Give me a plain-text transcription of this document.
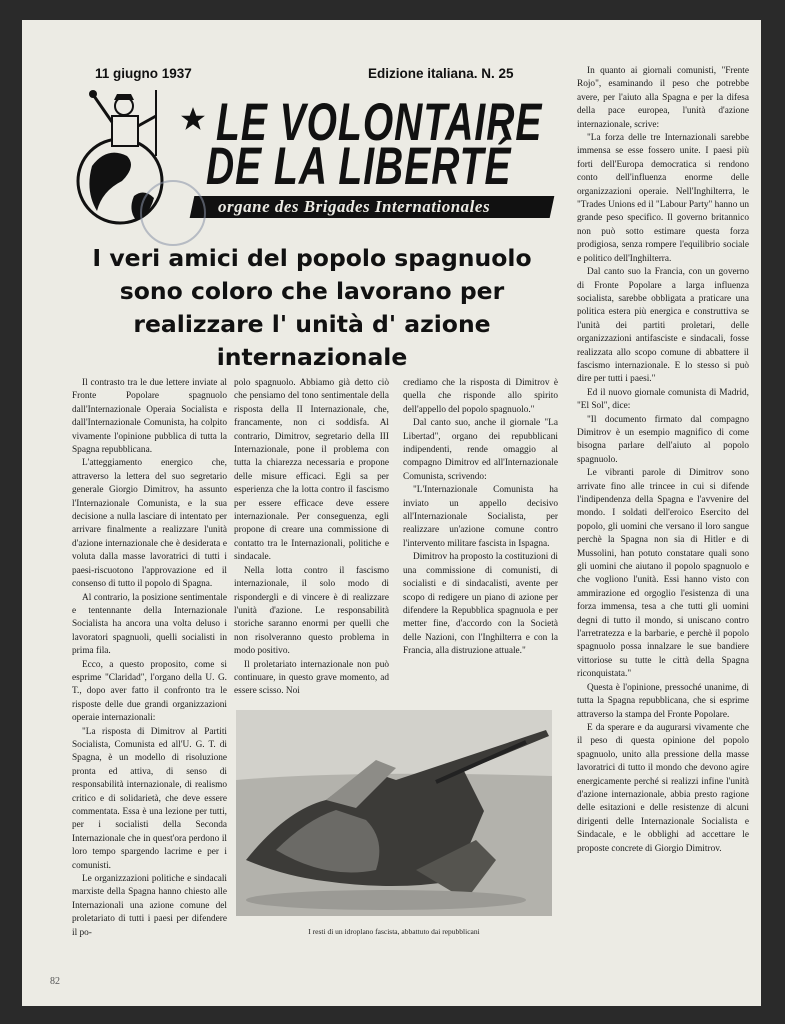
11 giugno 1937	Edizione italiana. N. 25
LE VOLONTAIRE
DE LA LIBERTÉ
organe des Brigades Internationales
I veri amici del popolo spagnuolo sono coloro che lavorano per realizzare l' unità d' azione internazionale

Il contrasto tra le due lettere inviate al Fronte Popolare spagnuolo dall'Internazionale Operaia Socialista e dall'Internazionale Comunista, ha colpito vivamente l'opinione pubblica di tutta la Spagna repubblicana.

L'atteggiamento energico che, attraverso la lettera del suo segretario generale Giorgio Dimitrov, ha assunto l'Internazionale Comunista, e la sua decisione a nulla lasciare di intentato per arrivare finalmente a realizzare l'unità d'azione internazionale che è desiderata e voluta dalla masse lavoratrici di tutti i paesi-riscuotono l'approvazione ed il consenso di tutto il popolo di Spagna.

Al contrario, la posizione sentimentale e tentennante della Internazionale Socialista ha ancora una volta deluso i lavoratori spagnuoli, quelli socialisti in prima fila.

Ecco, a questo proposito, come si esprime "Claridad", l'organo della U. G. T., dopo aver fatto il confronto tra le risposte delle due grandi organizzazioni operaie internazionali:

"La risposta di Dimitrov al Partiti Socialista, Comunista ed all'U. G. T. di Spagna, è un modello di risoluzione pronta ed attiva, di senso di responsabilità internazionale, di realismo critico e di solidarietà, che deve essere commentata. Essa è una lezione per tutti, per i socialisti della Seconda Internazionale che in quest'ora perdono il loro tempo spargendo lacrime e per i comunisti.

Le organizzazioni politiche e sindacali marxiste della Spagna hanno chiesto alle Internazionali una azione comune del proletariato di tutti i paesi per difendere il po-

polo spagnuolo. Abbiamo già detto ciò che pensiamo del tono sentimentale della risposta della II Internazionale, che, francamente, non ci soddisfa. Al contrario, Dimitrov, segretario della III Internazionale, pone il problema con tutta la chiarezza necessaria e propone delle misure efficaci. Egli sa per esperienza che la lotta contro il fascismo per essere efficace deve essere internazionale. Per conseguenza, egli propone di creare una commissione di contatto tra le Internazionali, politiche e sindacale.

Nella lotta contro il fascismo internazionale, il solo modo di rispondergli e di vincere è di realizzare l'unità d'azione. Le responsabilità storiche saranno enormi per quelli che non risolveranno questo problema in modo positivo.

Il proletariato internazionale non può continuare, in questo grave momento, ad essere scisso. Noi

crediamo che la risposta di Dimitrov è quella che risponde allo spirito dell'appello del popolo spagnuolo."

Dal canto suo, anche il giornale "La Libertad", organo dei repubblicani indipendenti, rende omaggio al compagno Dimitrov ed all'Internazionale Comunista, scrivendo:

"L'Internazionale Comunista ha inviato un appello decisivo all'Internazionale Socialista, per realizzare un'azione comune contro l'intervento militare fascista in Ispagna.

Dimitrov ha proposto la costituzioni di una commissione di comunisti, di socialisti e di sindacalisti, avente per scopo di redigere un piano di azione per difendere la Repubblica spagnuola e per metter fine, d'accordo con la Società delle Nazioni, con l'Inghilterra e con la Francia, alla distruzione attuale."

In quanto ai giornali comunisti, "Frente Rojo", esaminando il peso che potrebbe avere, per l'aiuto alla Spagna e per la difesa della pace europea, l'unità d'azione internazionale, scrive:

"La forza delle tre Internazionali sarebbe immensa se esse fossero unite. I paesi più forti dell'Europa democratica si rendono conto dell'influenza enorme delle organizzazioni operaie. Nell'Inghilterra, le "Trades Unions ed il "Labour Party" hanno un grande peso specifico. Il governo britannico non può sotto estimare questa forza prodigiosa, senza rompere l'equilibrio sociale e politico dell'Inghilterra.

Dal canto suo la Francia, con un governo di Fronte Popolare a larga influenza socialista, sarebbe obbligata a praticare una politica estera più energica e construttiva se l'unità dei partiti proletari, delle organizzazioni antifasciste e sindacali, fosse realizzata allo scopo comune di abbattere il fascismo internazionale. E lo stesso si può dire per tutti i paesi."

Ed il nuovo giornale comunista di Madrid, "El Sol", dice:

"Il documento firmato dal compagno Dimitrov è un esempio magnifico di come bisogna parlare dell'aiuto al popolo spagnuolo.

Le vibranti parole di Dimitrov sono arrivate fino alle trincee in cui si difende l'indipendenza della Spagna e l'avvenire del mondo. I soldati dell'eroico Esercito del popolo, gli uomini che versano il loro sangue perchè la Spagna non sia di Hitler e di Mussolini, han potuto constatare quali sono gli uomini che aiutano il popolo spagnuolo e che vogliono l'unità. Essi hanno visto con ammirazione ed orgoglio l'esistenza di una forza immensa, tesa a che tutti gli uomini degni di tutto il mondo, si uniscano contro l'arretratezza e la barbarie, e perchè il popolo spagnuolo possa innalzare le sue bandiere vittoriose su tutte le città della Spagna riconquistata."

Questa è l'opinione, pressoché unanime, di tutta la Spagna repubblicana, che si esprime attraverso la stampa del Fronte Popolare.

E da sperare e da augurarsi vivamente che il peso di questa opinione del popolo spagnuolo, unito alla pressione della masse lavoratrici di tutto il mondo che devono agire energicamente perché si realizzi infine l'unità d'azione internazionale, abbia presto ragione delle esitazioni e delle resistenze di alcuni dirigenti delle Internazionale Socialista e Sindacale, e le obblighi ad accettare le proposte concrete di Giorgio Dimitrov.

I resti di un idroplano fascista, abbattuto dai repubblicani
82
